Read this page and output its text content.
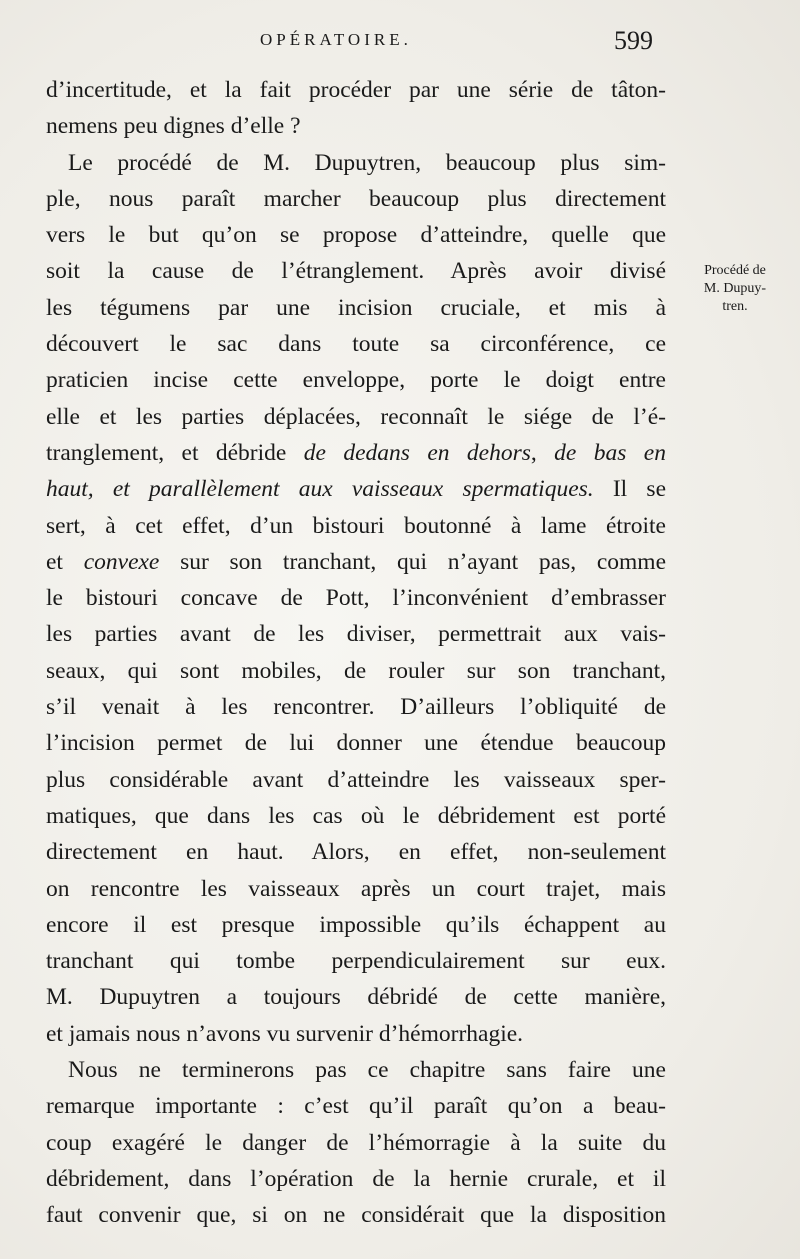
OPÉRATOIRE.	599
d’incertitude, et la fait procéder par une série de tâton-
nemens peu dignes d’elle ?
Le procédé de M. Dupuytren, beaucoup plus sim-
ple, nous paraît marcher beaucoup plus directement
vers le but qu’on se propose d’atteindre, quelle que
soit la cause de l’étranglement. Après avoir divisé
les tégumens par une incision cruciale, et mis à
découvert le sac dans toute sa circonférence, ce
praticien incise cette enveloppe, porte le doigt entre
elle et les parties déplacées, reconnaît le siége de l’é-
tranglement, et débride de dedans en dehors, de bas en
haut, et parallèlement aux vaisseaux spermatiques. Il se
sert, à cet effet, d’un bistouri boutonné à lame étroite
et convexe sur son tranchant, qui n’ayant pas, comme
le bistouri concave de Pott, l’inconvénient d’embrasser
les parties avant de les diviser, permettrait aux vais-
seaux, qui sont mobiles, de rouler sur son tranchant,
s’il venait à les rencontrer. D’ailleurs l’obliquité de
l’incision permet de lui donner une étendue beaucoup
plus considérable avant d’atteindre les vaisseaux sper-
matiques, que dans les cas où le débridement est porté
directement en haut. Alors, en effet, non-seulement
on rencontre les vaisseaux après un court trajet, mais
encore il est presque impossible qu’ils échappent au
tranchant qui tombe perpendiculairement sur eux.
M. Dupuytren a toujours débridé de cette manière,
et jamais nous n’avons vu survenir d’hémorrhagie.
Nous ne terminerons pas ce chapitre sans faire une
remarque importante : c’est qu’il paraît qu’on a beau-
coup exagéré le danger de l’hémorragie à la suite du
débridement, dans l’opération de la hernie crurale, et il
faut convenir que, si on ne considérait que la disposition
Procédé de
M. Dupuy-
tren.
